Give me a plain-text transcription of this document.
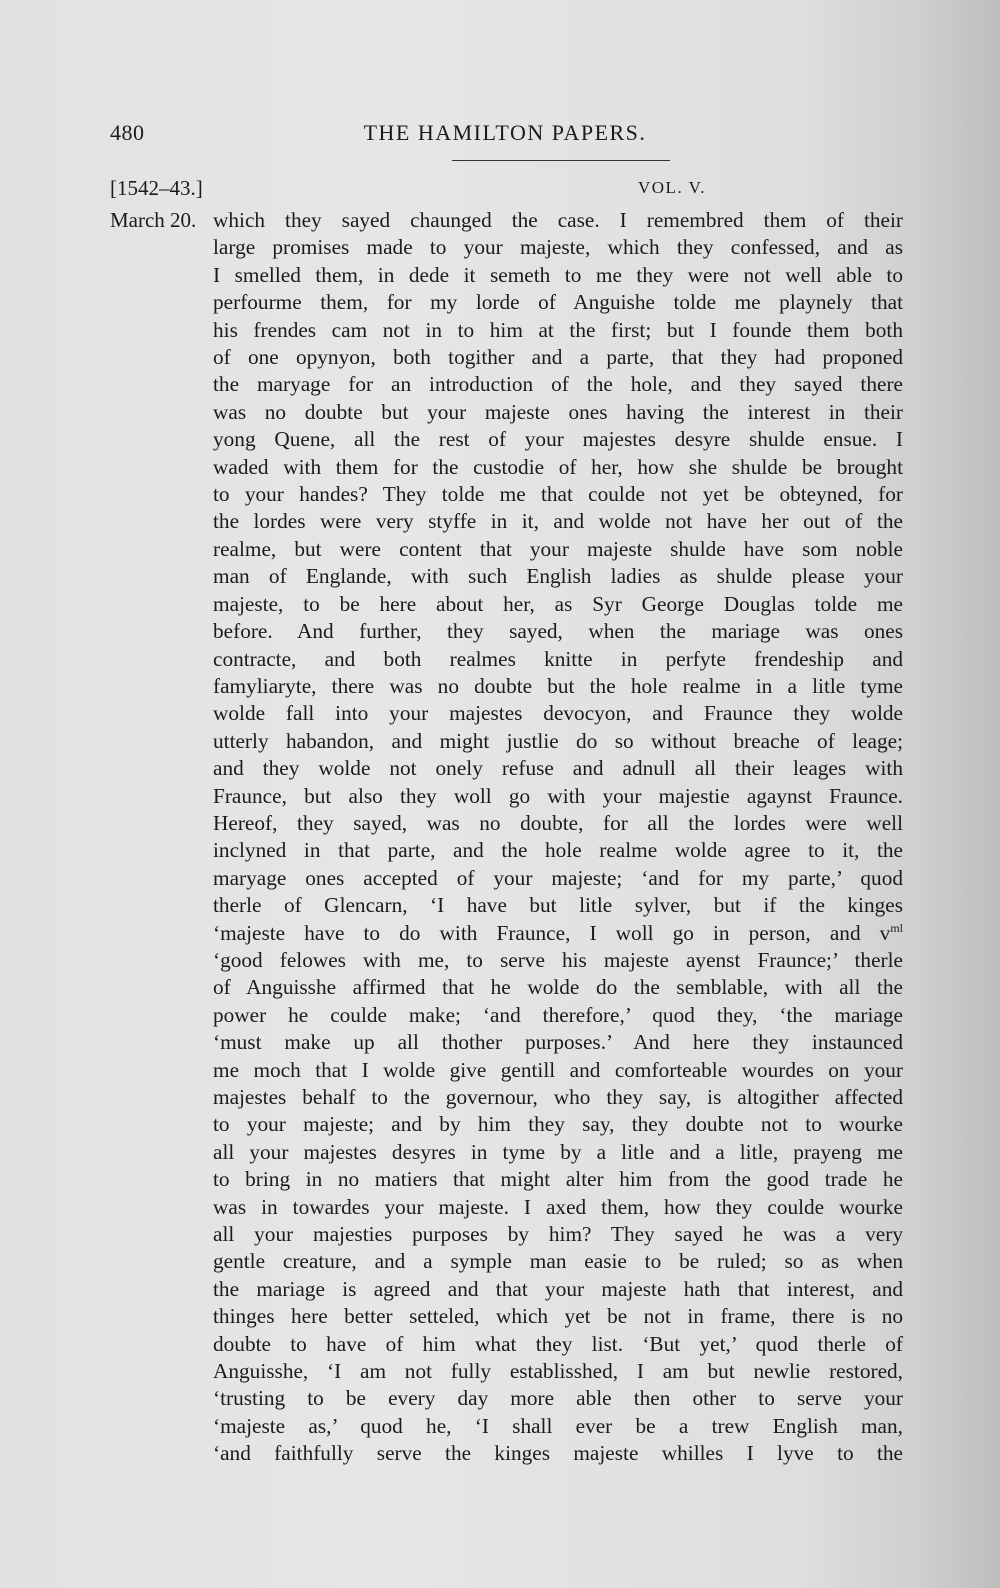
480	THE HAMILTON PAPERS.
[1542–43.]	VOL. V.
March 20. which they sayed chaunged the case. I remembred them of their
large promises made to your majeste, which they confessed, and as
I smelled them, in dede it semeth to me they were not well able to
perfourme them, for my lorde of Anguishe tolde me playnely that
his frendes cam not in to him at the first; but I founde them both
of one opynyon, both togither and a parte, that they had proponed
the maryage for an introduction of the hole, and they sayed there
was no doubte but your majeste ones having the interest in their
yong Quene, all the rest of your majestes desyre shulde ensue. I
waded with them for the custodie of her, how she shulde be brought
to your handes? They tolde me that coulde not yet be obteyned, for
the lordes were very styffe in it, and wolde not have her out of the
realme, but were content that your majeste shulde have som noble
man of Englande, with such English ladies as shulde please your
majeste, to be here about her, as Syr George Douglas tolde me
before. And further, they sayed, when the mariage was ones
contracte, and both realmes knitte in perfyte frendeship and
famyliaryte, there was no doubte but the hole realme in a litle tyme
wolde fall into your majestes devocyon, and Fraunce they wolde
utterly habandon, and might justlie do so without breache of leage;
and they wolde not onely refuse and adnull all their leages with
Fraunce, but also they woll go with your majestie agaynst Fraunce.
Hereof, they sayed, was no doubte, for all the lordes were well
inclyned in that parte, and the hole realme wolde agree to it, the
maryage ones accepted of your majeste; ‘and for my parte,’ quod
therle of Glencarn, ‘I have but litle sylver, but if the kinges
‘majeste have to do with Fraunce, I woll go in person, and $v^{ml}$
‘good felowes with me, to serve his majeste ayenst Fraunce;’ therle
of Anguisshe affirmed that he wolde do the semblable, with all the
power he coulde make; ‘and therefore,’ quod they, ‘the mariage
‘must make up all thother purposes.’ And here they instaunced
me moch that I wolde give gentill and comforteable wourdes on your
majestes behalf to the governour, who they say, is altogither affected
to your majeste; and by him they say, they doubte not to wourke
all your majestes desyres in tyme by a litle and a litle, prayeng me
to bring in no matiers that might alter him from the good trade he
was in towardes your majeste. I axed them, how they coulde wourke
all your majesties purposes by him? They sayed he was a very
gentle creature, and a symple man easie to be ruled; so as when
the mariage is agreed and that your majeste hath that interest, and
thinges here better setteled, which yet be not in frame, there is no
doubte to have of him what they list. ‘But yet,’ quod therle of
Anguisshe, ‘I am not fully establisshed, I am but newlie restored,
‘trusting to be every day more able then other to serve your
‘majeste as,’ quod he, ‘I shall ever be a trew English man,
‘and faithfully serve the kinges majeste whilles I lyve to the
